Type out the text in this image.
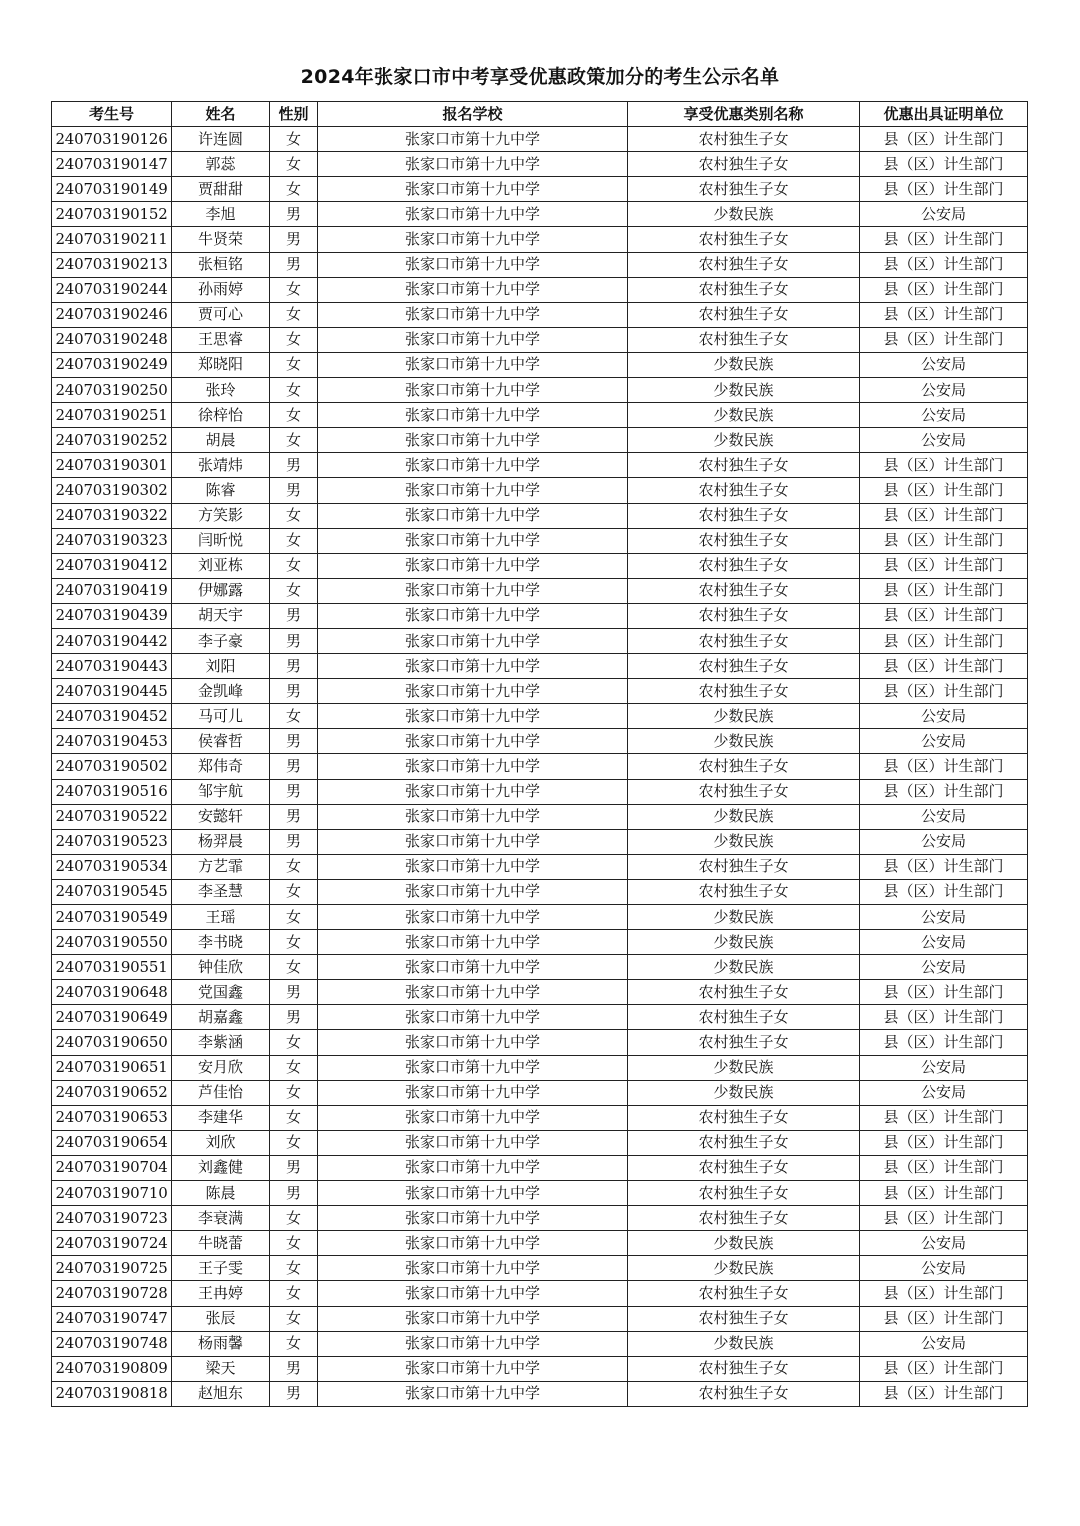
2024年张家口市中考享受优惠政策加分的考生公示名单
考生号	姓名	性别	报名学校	享受优惠类别名称	优惠出具证明单位
240703190126	许连圆	女	张家口市第十九中学	农村独生子女	县（区）计生部门
240703190147	郭蕊	女	张家口市第十九中学	农村独生子女	县（区）计生部门
240703190149	贾甜甜	女	张家口市第十九中学	农村独生子女	县（区）计生部门
240703190152	李旭	男	张家口市第十九中学	少数民族	公安局
240703190211	牛贤荣	男	张家口市第十九中学	农村独生子女	县（区）计生部门
240703190213	张桓铭	男	张家口市第十九中学	农村独生子女	县（区）计生部门
240703190244	孙雨婷	女	张家口市第十九中学	农村独生子女	县（区）计生部门
240703190246	贾可心	女	张家口市第十九中学	农村独生子女	县（区）计生部门
240703190248	王思睿	女	张家口市第十九中学	农村独生子女	县（区）计生部门
240703190249	郑晓阳	女	张家口市第十九中学	少数民族	公安局
240703190250	张玲	女	张家口市第十九中学	少数民族	公安局
240703190251	徐梓怡	女	张家口市第十九中学	少数民族	公安局
240703190252	胡晨	女	张家口市第十九中学	少数民族	公安局
240703190301	张靖炜	男	张家口市第十九中学	农村独生子女	县（区）计生部门
240703190302	陈睿	男	张家口市第十九中学	农村独生子女	县（区）计生部门
240703190322	方笑影	女	张家口市第十九中学	农村独生子女	县（区）计生部门
240703190323	闫昕悦	女	张家口市第十九中学	农村独生子女	县（区）计生部门
240703190412	刘亚栋	女	张家口市第十九中学	农村独生子女	县（区）计生部门
240703190419	伊娜露	女	张家口市第十九中学	农村独生子女	县（区）计生部门
240703190439	胡天宇	男	张家口市第十九中学	农村独生子女	县（区）计生部门
240703190442	李子豪	男	张家口市第十九中学	农村独生子女	县（区）计生部门
240703190443	刘阳	男	张家口市第十九中学	农村独生子女	县（区）计生部门
240703190445	金凯峰	男	张家口市第十九中学	农村独生子女	县（区）计生部门
240703190452	马可儿	女	张家口市第十九中学	少数民族	公安局
240703190453	侯睿哲	男	张家口市第十九中学	少数民族	公安局
240703190502	郑伟奇	男	张家口市第十九中学	农村独生子女	县（区）计生部门
240703190516	邹宇航	男	张家口市第十九中学	农村独生子女	县（区）计生部门
240703190522	安懿轩	男	张家口市第十九中学	少数民族	公安局
240703190523	杨羿晨	男	张家口市第十九中学	少数民族	公安局
240703190534	方艺霏	女	张家口市第十九中学	农村独生子女	县（区）计生部门
240703190545	李圣慧	女	张家口市第十九中学	农村独生子女	县（区）计生部门
240703190549	王瑶	女	张家口市第十九中学	少数民族	公安局
240703190550	李书晓	女	张家口市第十九中学	少数民族	公安局
240703190551	钟佳欣	女	张家口市第十九中学	少数民族	公安局
240703190648	党国鑫	男	张家口市第十九中学	农村独生子女	县（区）计生部门
240703190649	胡嘉鑫	男	张家口市第十九中学	农村独生子女	县（区）计生部门
240703190650	李紫涵	女	张家口市第十九中学	农村独生子女	县（区）计生部门
240703190651	安月欣	女	张家口市第十九中学	少数民族	公安局
240703190652	芦佳怡	女	张家口市第十九中学	少数民族	公安局
240703190653	李建华	女	张家口市第十九中学	农村独生子女	县（区）计生部门
240703190654	刘欣	女	张家口市第十九中学	农村独生子女	县（区）计生部门
240703190704	刘鑫健	男	张家口市第十九中学	农村独生子女	县（区）计生部门
240703190710	陈晨	男	张家口市第十九中学	农村独生子女	县（区）计生部门
240703190723	李衰满	女	张家口市第十九中学	农村独生子女	县（区）计生部门
240703190724	牛晓蕾	女	张家口市第十九中学	少数民族	公安局
240703190725	王子雯	女	张家口市第十九中学	少数民族	公安局
240703190728	王冉婷	女	张家口市第十九中学	农村独生子女	县（区）计生部门
240703190747	张辰	女	张家口市第十九中学	农村独生子女	县（区）计生部门
240703190748	杨雨馨	女	张家口市第十九中学	少数民族	公安局
240703190809	梁天	男	张家口市第十九中学	农村独生子女	县（区）计生部门
240703190818	赵旭东	男	张家口市第十九中学	农村独生子女	县（区）计生部门
